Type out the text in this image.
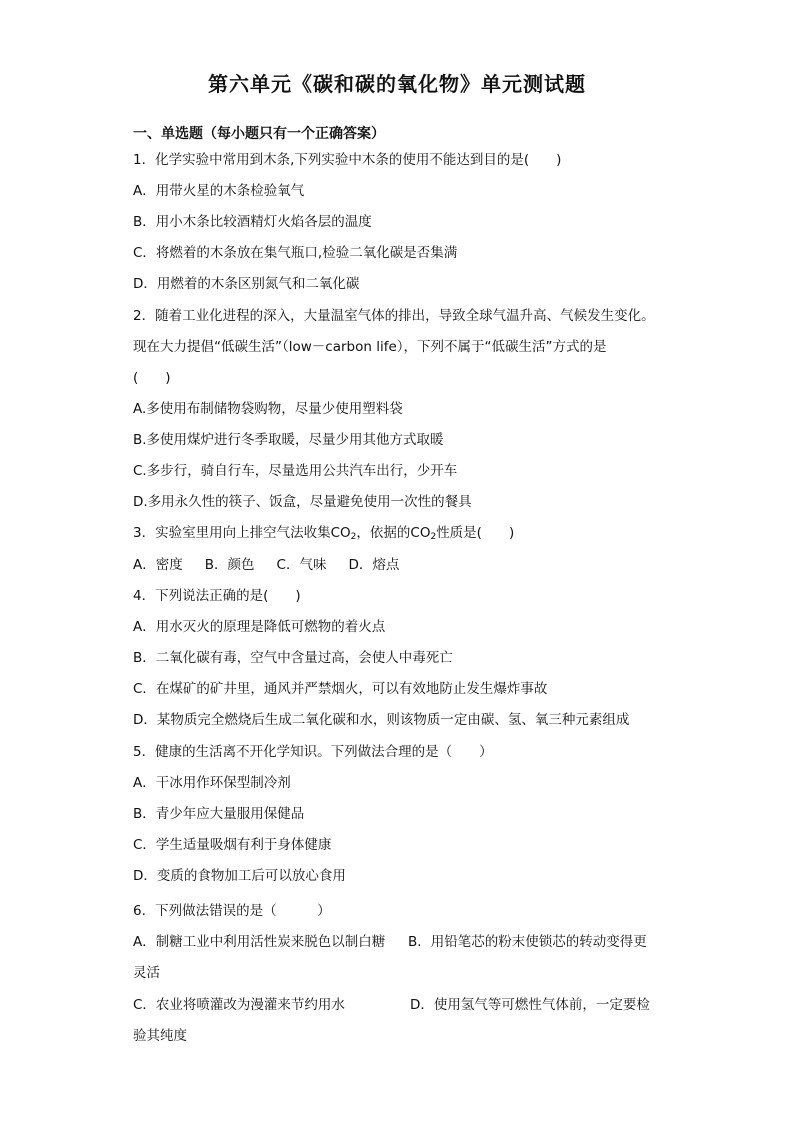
第六单元《碳和碳的氧化物》单元测试题
一、单选题（每小题只有一个正确答案）
1．化学实验中常用到木条,下列实验中木条的使用不能达到目的是(　　)
A．用带火星的木条检验氧气
B．用小木条比较酒精灯火焰各层的温度
C．将燃着的木条放在集气瓶口,检验二氧化碳是否集满
D．用燃着的木条区别氮气和二氧化碳
2．随着工业化进程的深入，大量温室气体的排出，导致全球气温升高、气候发生变化。
现在大力提倡“低碳生活”（low－carbon life），下列不属于“低碳生活”方式的是
(　　)
A.多使用布制储物袋购物，尽量少使用塑料袋
B.多使用煤炉进行冬季取暖，尽量少用其他方式取暖
C.多步行，骑自行车，尽量选用公共汽车出行，少开车
D.多用永久性的筷子、饭盒，尽量避免使用一次性的餐具
3．实验室里用向上排空气法收集$CO_2$，依据的$CO_2$性质是(　　)
A．密度 B．颜色 C．气味 D．熔点
4．下列说法正确的是(　　)
A．用水灭火的原理是降低可燃物的着火点
B．二氧化碳有毒，空气中含量过高，会使人中毒死亡
C．在煤矿的矿井里，通风并严禁烟火，可以有效地防止发生爆炸事故
D．某物质完全燃烧后生成二氧化碳和水，则该物质一定由碳、氢、氧三种元素组成
5．健康的生活离不开化学知识。下列做法合理的是（　　）
A．干冰用作环保型制冷剂
B．青少年应大量服用保健品
C．学生适量吸烟有利于身体健康
D．变质的食物加工后可以放心食用
6．下列做法错误的是（　　　）
A．制糖工业中利用活性炭来脱色以制白糖 B．用铅笔芯的粉末使锁芯的转动变得更
灵活
C．农业将喷灌改为漫灌来节约用水	D．使用氢气等可燃性气体前，一定要检
验其纯度
